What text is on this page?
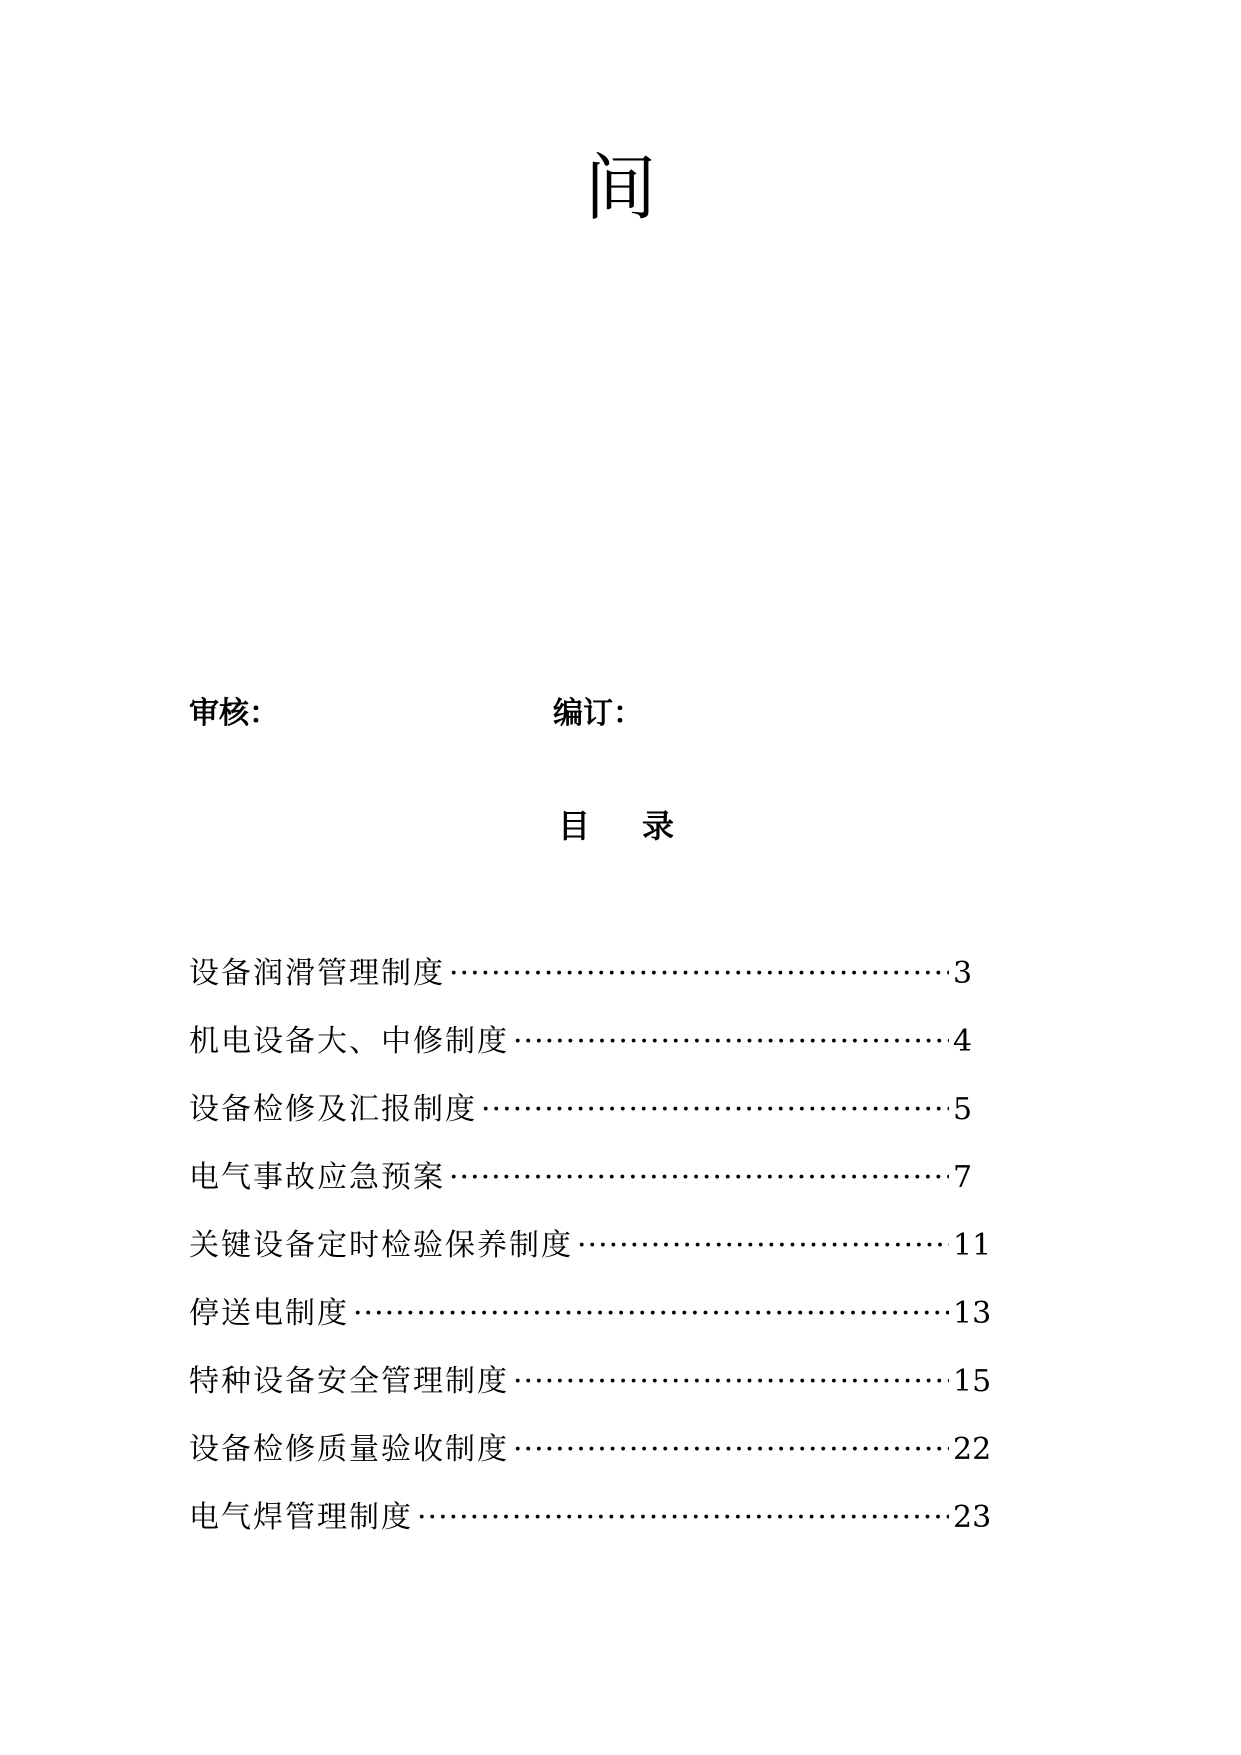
间
审核：	编订：
目录
设备润滑管理制度 ·····	3
机电设备大、中修制度 ·····	4
设备检修及汇报制度 ·····	5
电气事故应急预案 ·····	7
关键设备定时检验保养制度 ·····	11
停送电制度 ·····	13
特种设备安全管理制度 ·····	15
设备检修质量验收制度 ·····	22
电气焊管理制度 ·····	23
